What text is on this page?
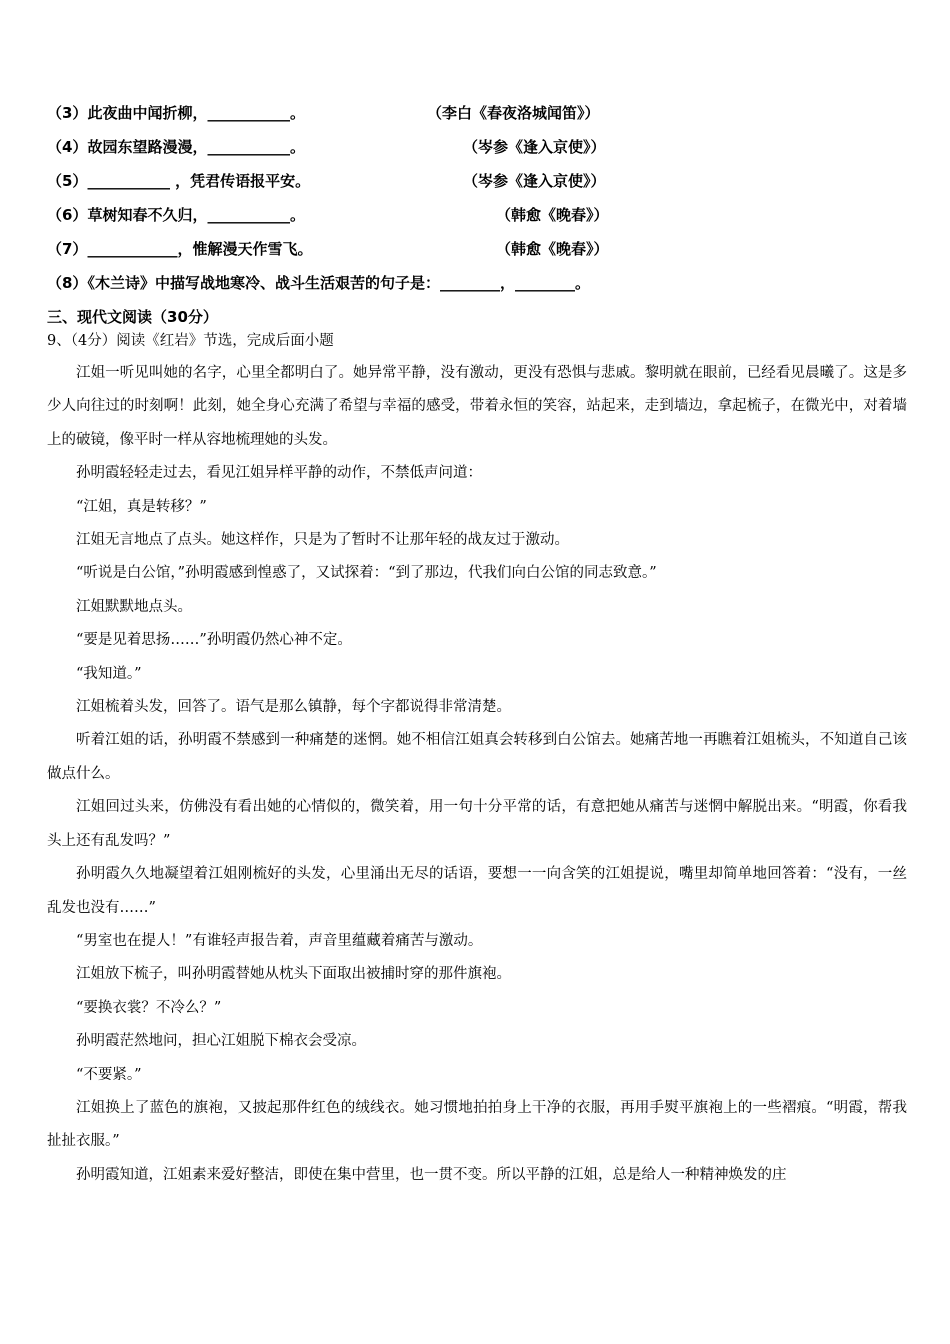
（3）此夜曲中闻折柳，___________。	（李白《春夜洛城闻笛》）
（4）故园东望路漫漫，___________。	（岑参《逢入京使》）
（5）___________ ，凭君传语报平安。	（岑参《逢入京使》）
（6）草树知春不久归，___________。	（韩愈《晚春》）
（7）____________，惟解漫天作雪飞。	（韩愈《晚春》）
（8）《木兰诗》中描写战地寒冷、战斗生活艰苦的句子是：________，________。
三、现代文阅读（30分）
9、（4分）阅读《红岩》节选，完成后面小题

江姐一听见叫她的名字，心里全都明白了。她异常平静，没有激动，更没有恐惧与悲戚。黎明就在眼前，已经看见晨曦了。这是多少人向往过的时刻啊！此刻，她全身心充满了希望与幸福的感受，带着永恒的笑容，站起来，走到墙边，拿起梳子，在微光中，对着墙上的破镜，像平时一样从容地梳理她的头发。

孙明霞轻轻走过去，看见江姐异样平静的动作，不禁低声问道：

“江姐，真是转移？”

江姐无言地点了点头。她这样作，只是为了暂时不让那年轻的战友过于激动。

“听说是白公馆，”孙明霞感到惶惑了，又试探着：“到了那边，代我们向白公馆的同志致意。”

江姐默默地点头。

“要是见着思扬……”孙明霞仍然心神不定。

“我知道。”

江姐梳着头发，回答了。语气是那么镇静，每个字都说得非常清楚。

听着江姐的话，孙明霞不禁感到一种痛楚的迷惘。她不相信江姐真会转移到白公馆去。她痛苦地一再瞧着江姐梳头，不知道自己该做点什么。

江姐回过头来，仿佛没有看出她的心情似的，微笑着，用一句十分平常的话，有意把她从痛苦与迷惘中解脱出来。“明霞，你看我头上还有乱发吗？”

孙明霞久久地凝望着江姐刚梳好的头发，心里涌出无尽的话语，要想一一向含笑的江姐提说，嘴里却简单地回答着：“没有，一丝乱发也没有……”

“男室也在提人！”有谁轻声报告着，声音里蕴藏着痛苦与激动。

江姐放下梳子，叫孙明霞替她从枕头下面取出被捕时穿的那件旗袍。

“要换衣裳？不冷么？”

孙明霞茫然地问，担心江姐脱下棉衣会受凉。

“不要紧。”

江姐换上了蓝色的旗袍，又披起那件红色的绒线衣。她习惯地拍拍身上干净的衣服，再用手熨平旗袍上的一些褶痕。“明霞，帮我扯扯衣服。”

孙明霞知道，江姐素来爱好整洁，即使在集中营里，也一贯不变。所以平静的江姐，总是给人一种精神焕发的庄
